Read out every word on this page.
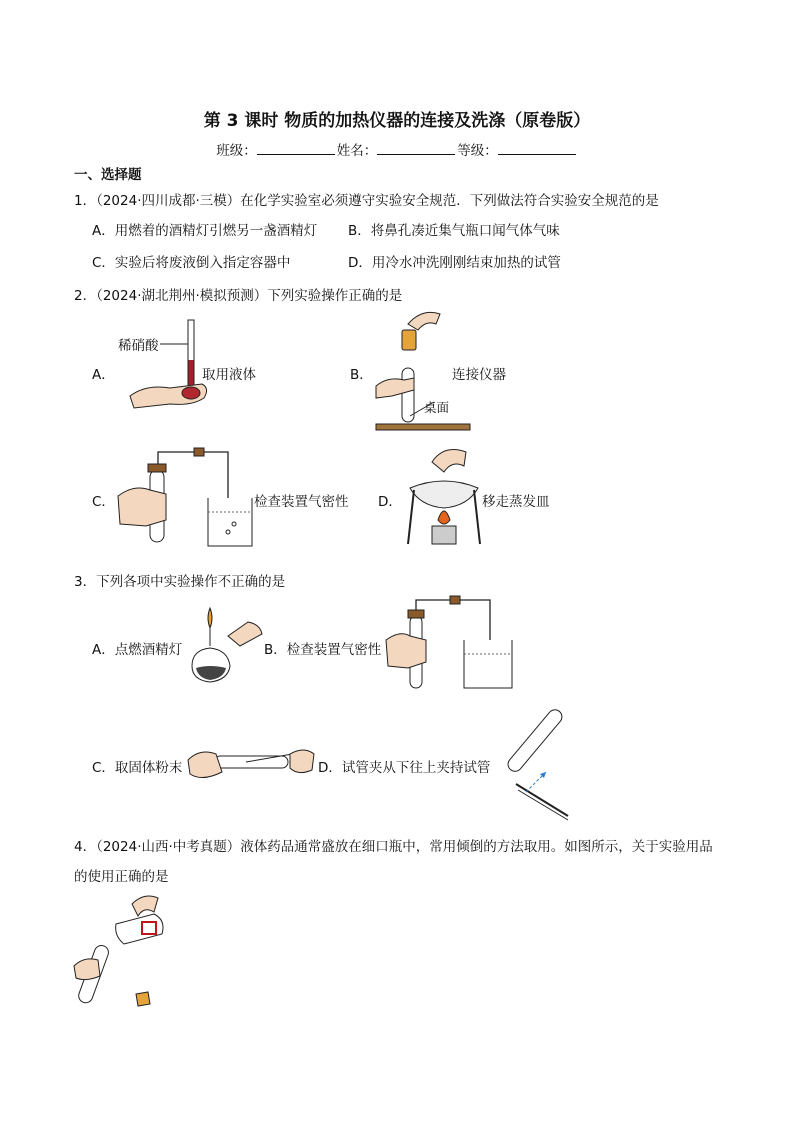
第 3 课时 物质的加热仪器的连接及洗涤（原卷版）
班级：	姓名：	等级：
一、选择题
1．（2024·四川成都·三模）在化学实验室必须遵守实验安全规范．下列做法符合实验安全规范的是
A．用燃着的酒精灯引燃另一盏酒精灯 B．将鼻孔凑近集气瓶口闻气体气味
C．实验后将废液倒入指定容器中	D．用冷水冲洗刚刚结束加热的试管
2．（2024·湖北荆州·模拟预测）下列实验操作正确的是
A．
稀硝酸
取用液体	B．	连接仪器
桌面
C．	检查装置气密性 D．	移走蒸发皿
3．下列各项中实验操作不正确的是
A．点燃酒精灯	B．检查装置气密性
C．取固体粉末	D．试管夹从下往上夹持试管
4．（2024·山西·中考真题）液体药品通常盛放在细口瓶中，常用倾倒的方法取用。如图所示，关于实验用品
的使用正确的是
